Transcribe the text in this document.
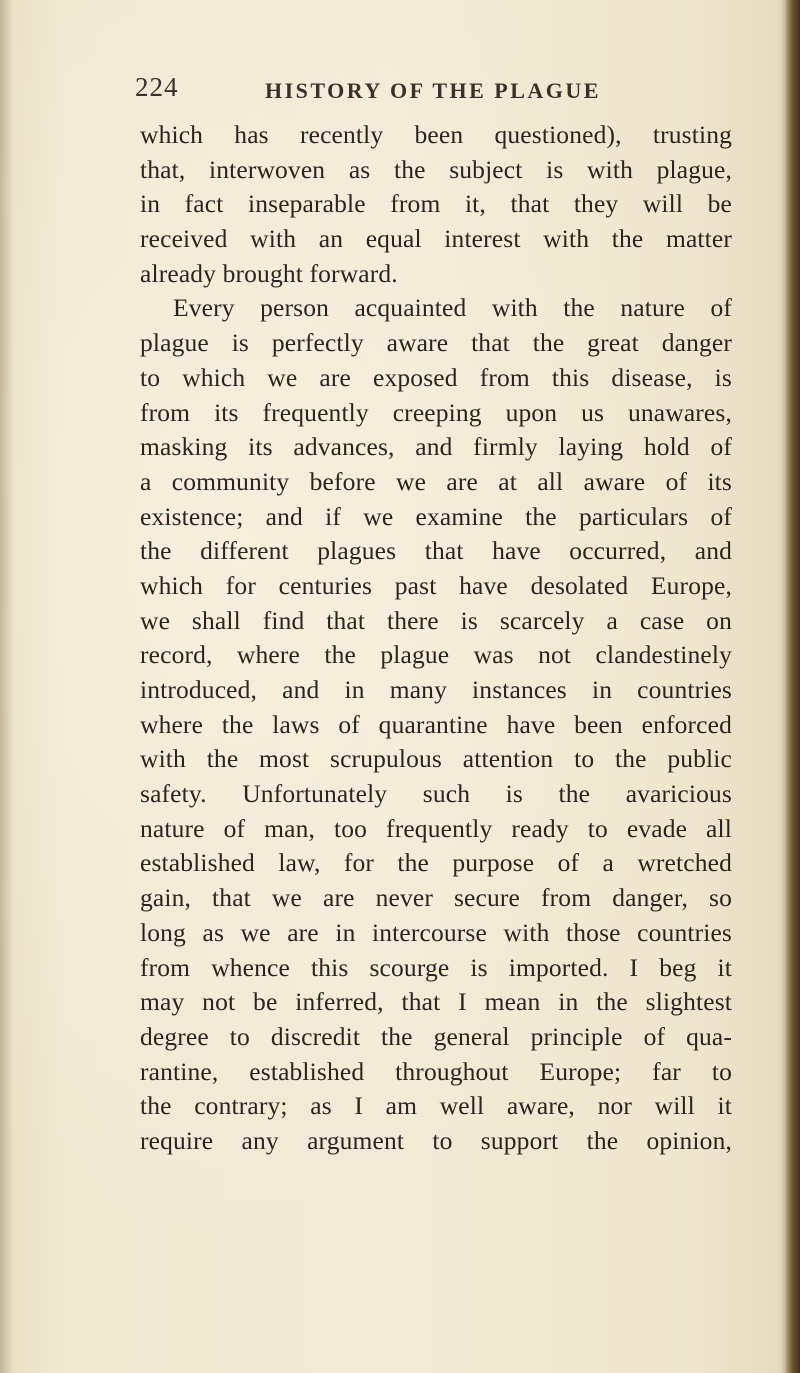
224	HISTORY OF THE PLAGUE
which has recently been questioned), trusting
that, interwoven as the subject is with plague,
in fact inseparable from it, that they will be
received with an equal interest with the matter
already brought forward.
Every person acquainted with the nature of
plague is perfectly aware that the great danger
to which we are exposed from this disease, is
from its frequently creeping upon us unawares,
masking its advances, and firmly laying hold of
a community before we are at all aware of its
existence; and if we examine the particulars of
the different plagues that have occurred, and
which for centuries past have desolated Europe,
we shall find that there is scarcely a case on
record, where the plague was not clandestinely
introduced, and in many instances in countries
where the laws of quarantine have been enforced
with the most scrupulous attention to the public
safety. Unfortunately such is the avaricious
nature of man, too frequently ready to evade all
established law, for the purpose of a wretched
gain, that we are never secure from danger, so
long as we are in intercourse with those countries
from whence this scourge is imported. I beg it
may not be inferred, that I mean in the slightest
degree to discredit the general principle of qua-
rantine, established throughout Europe; far to
the contrary; as I am well aware, nor will it
require any argument to support the opinion,
